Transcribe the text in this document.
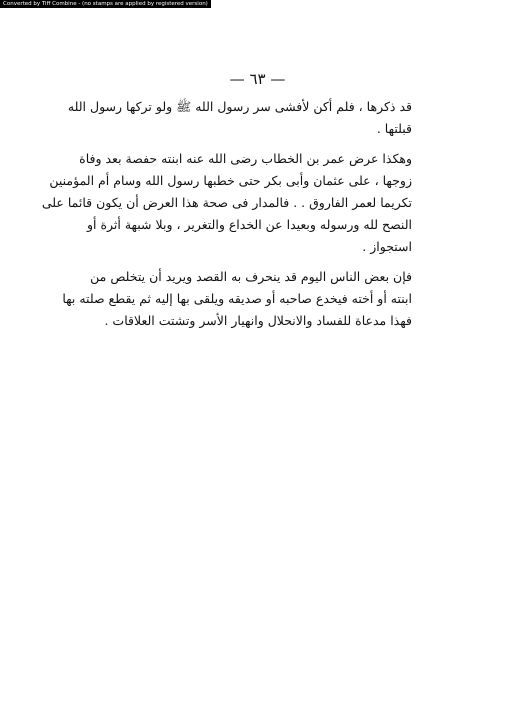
Converted by Tiff Combine - (no stamps are applied by registered version)
— ٦٣ —

قد ذكرها ، فلم أكن لأفشى سر رسول الله ﷺ ولو تركها رسول الله
قبلتها .

وهكذا عرض عمر بن الخطاب رضى الله عنه ابنته حفصة بعد وفاة
زوجها ، على عثمان وأبى بكر حتى خطبها رسول الله وسام أم المؤمنين
تكريما لعمر الفاروق . . فالمدار فى صحة هذا العرض أن يكون قائما على
النصح لله ورسوله وبعيدا عن الخداع والتغرير ، وبلا شبهة أثرة أو
استجواز .

فإن بعض الناس اليوم قد ينحرف به القصد ويريد أن يتخلص من
ابنته أو أخته فيخدع صاحبه أو صديقه ويلقى بها إليه ثم يقطع صلته بها
فهذا مدعاة للفساد والانحلال وانهيار الأسر وتشتت العلاقات .
